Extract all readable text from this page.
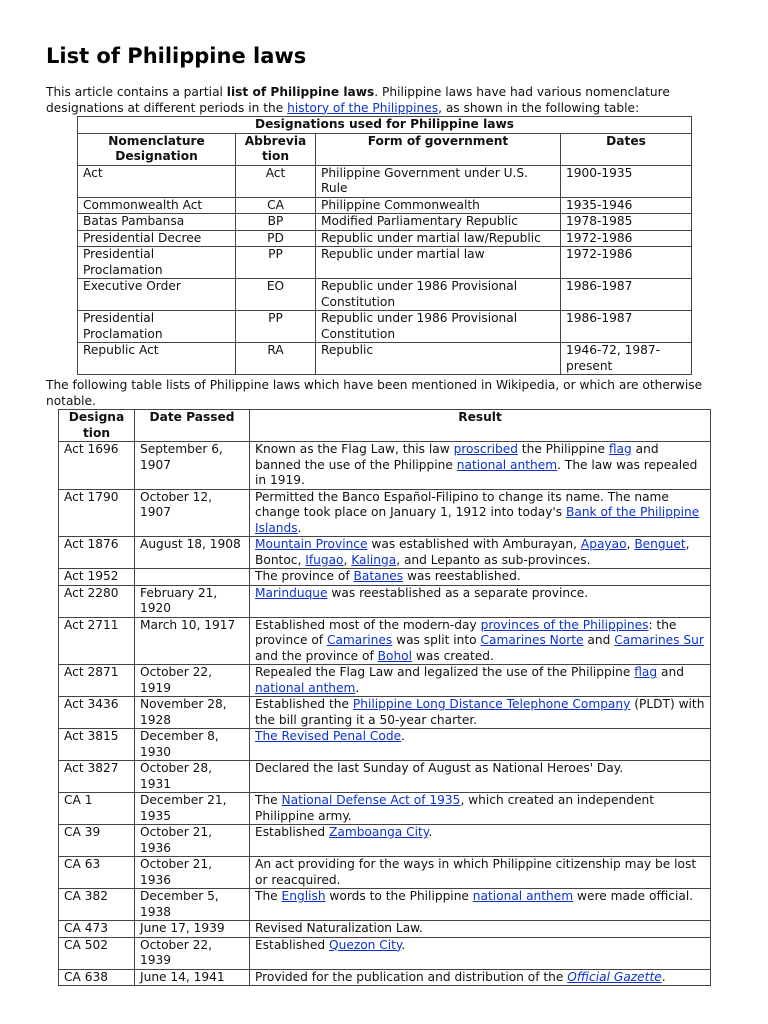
List of Philippine laws

This article contains a partial list of Philippine laws. Philippine laws have had various nomenclature designations at different periods in the history of the Philippines, as shown in the following table:

Designations used for Philippine laws			
Nomenclature Designation	Abbrevia tion	Form of government	Dates
Act	Act	Philippine Government under U.S. Rule	1900-1935
Commonwealth Act	CA	Philippine Commonwealth	1935-1946
Batas Pambansa	BP	Modified Parliamentary Republic	1978-1985
Presidential Decree	PD	Republic under martial law/Republic	1972-1986
Presidential Proclamation	PP	Republic under martial law	1972-1986
Executive Order	EO	Republic under 1986 Provisional Constitution	1986-1987
Presidential Proclamation	PP	Republic under 1986 Provisional Constitution	1986-1987
Republic Act	RA	Republic	1946-72, 1987-present

The following table lists of Philippine laws which have been mentioned in Wikipedia, or which are otherwise notable.

Designa tion	Date Passed	Result
Act 1696	September 6, 1907	Known as the Flag Law, this law proscribed the Philippine flag and banned the use of the Philippine national anthem. The law was repealed in 1919.
Act 1790	October 12, 1907	Permitted the Banco Español-Filipino to change its name. The name change took place on January 1, 1912 into today's Bank of the Philippine Islands.
Act 1876	August 18, 1908	Mountain Province was established with Amburayan, Apayao, Benguet, Bontoc, Ifugao, Kalinga, and Lepanto as sub-provinces.
Act 1952		The province of Batanes was reestablished.
Act 2280	February 21, 1920	Marinduque was reestablished as a separate province.
Act 2711	March 10, 1917	Established most of the modern-day provinces of the Philippines: the province of Camarines was split into Camarines Norte and Camarines Sur and the province of Bohol was created.
Act 2871	October 22, 1919	Repealed the Flag Law and legalized the use of the Philippine flag and national anthem.
Act 3436	November 28, 1928	Established the Philippine Long Distance Telephone Company (PLDT) with the bill granting it a 50-year charter.
Act 3815	December 8, 1930	The Revised Penal Code.
Act 3827	October 28, 1931	Declared the last Sunday of August as National Heroes' Day.
CA 1	December 21, 1935	The National Defense Act of 1935, which created an independent Philippine army.
CA 39	October 21, 1936	Established Zamboanga City.
CA 63	October 21, 1936	An act providing for the ways in which Philippine citizenship may be lost or reacquired.
CA 382	December 5, 1938	The English words to the Philippine national anthem were made official.
CA 473	June 17, 1939	Revised Naturalization Law.
CA 502	October 22, 1939	Established Quezon City.
CA 638	June 14, 1941	Provided for the publication and distribution of the Official Gazette.
